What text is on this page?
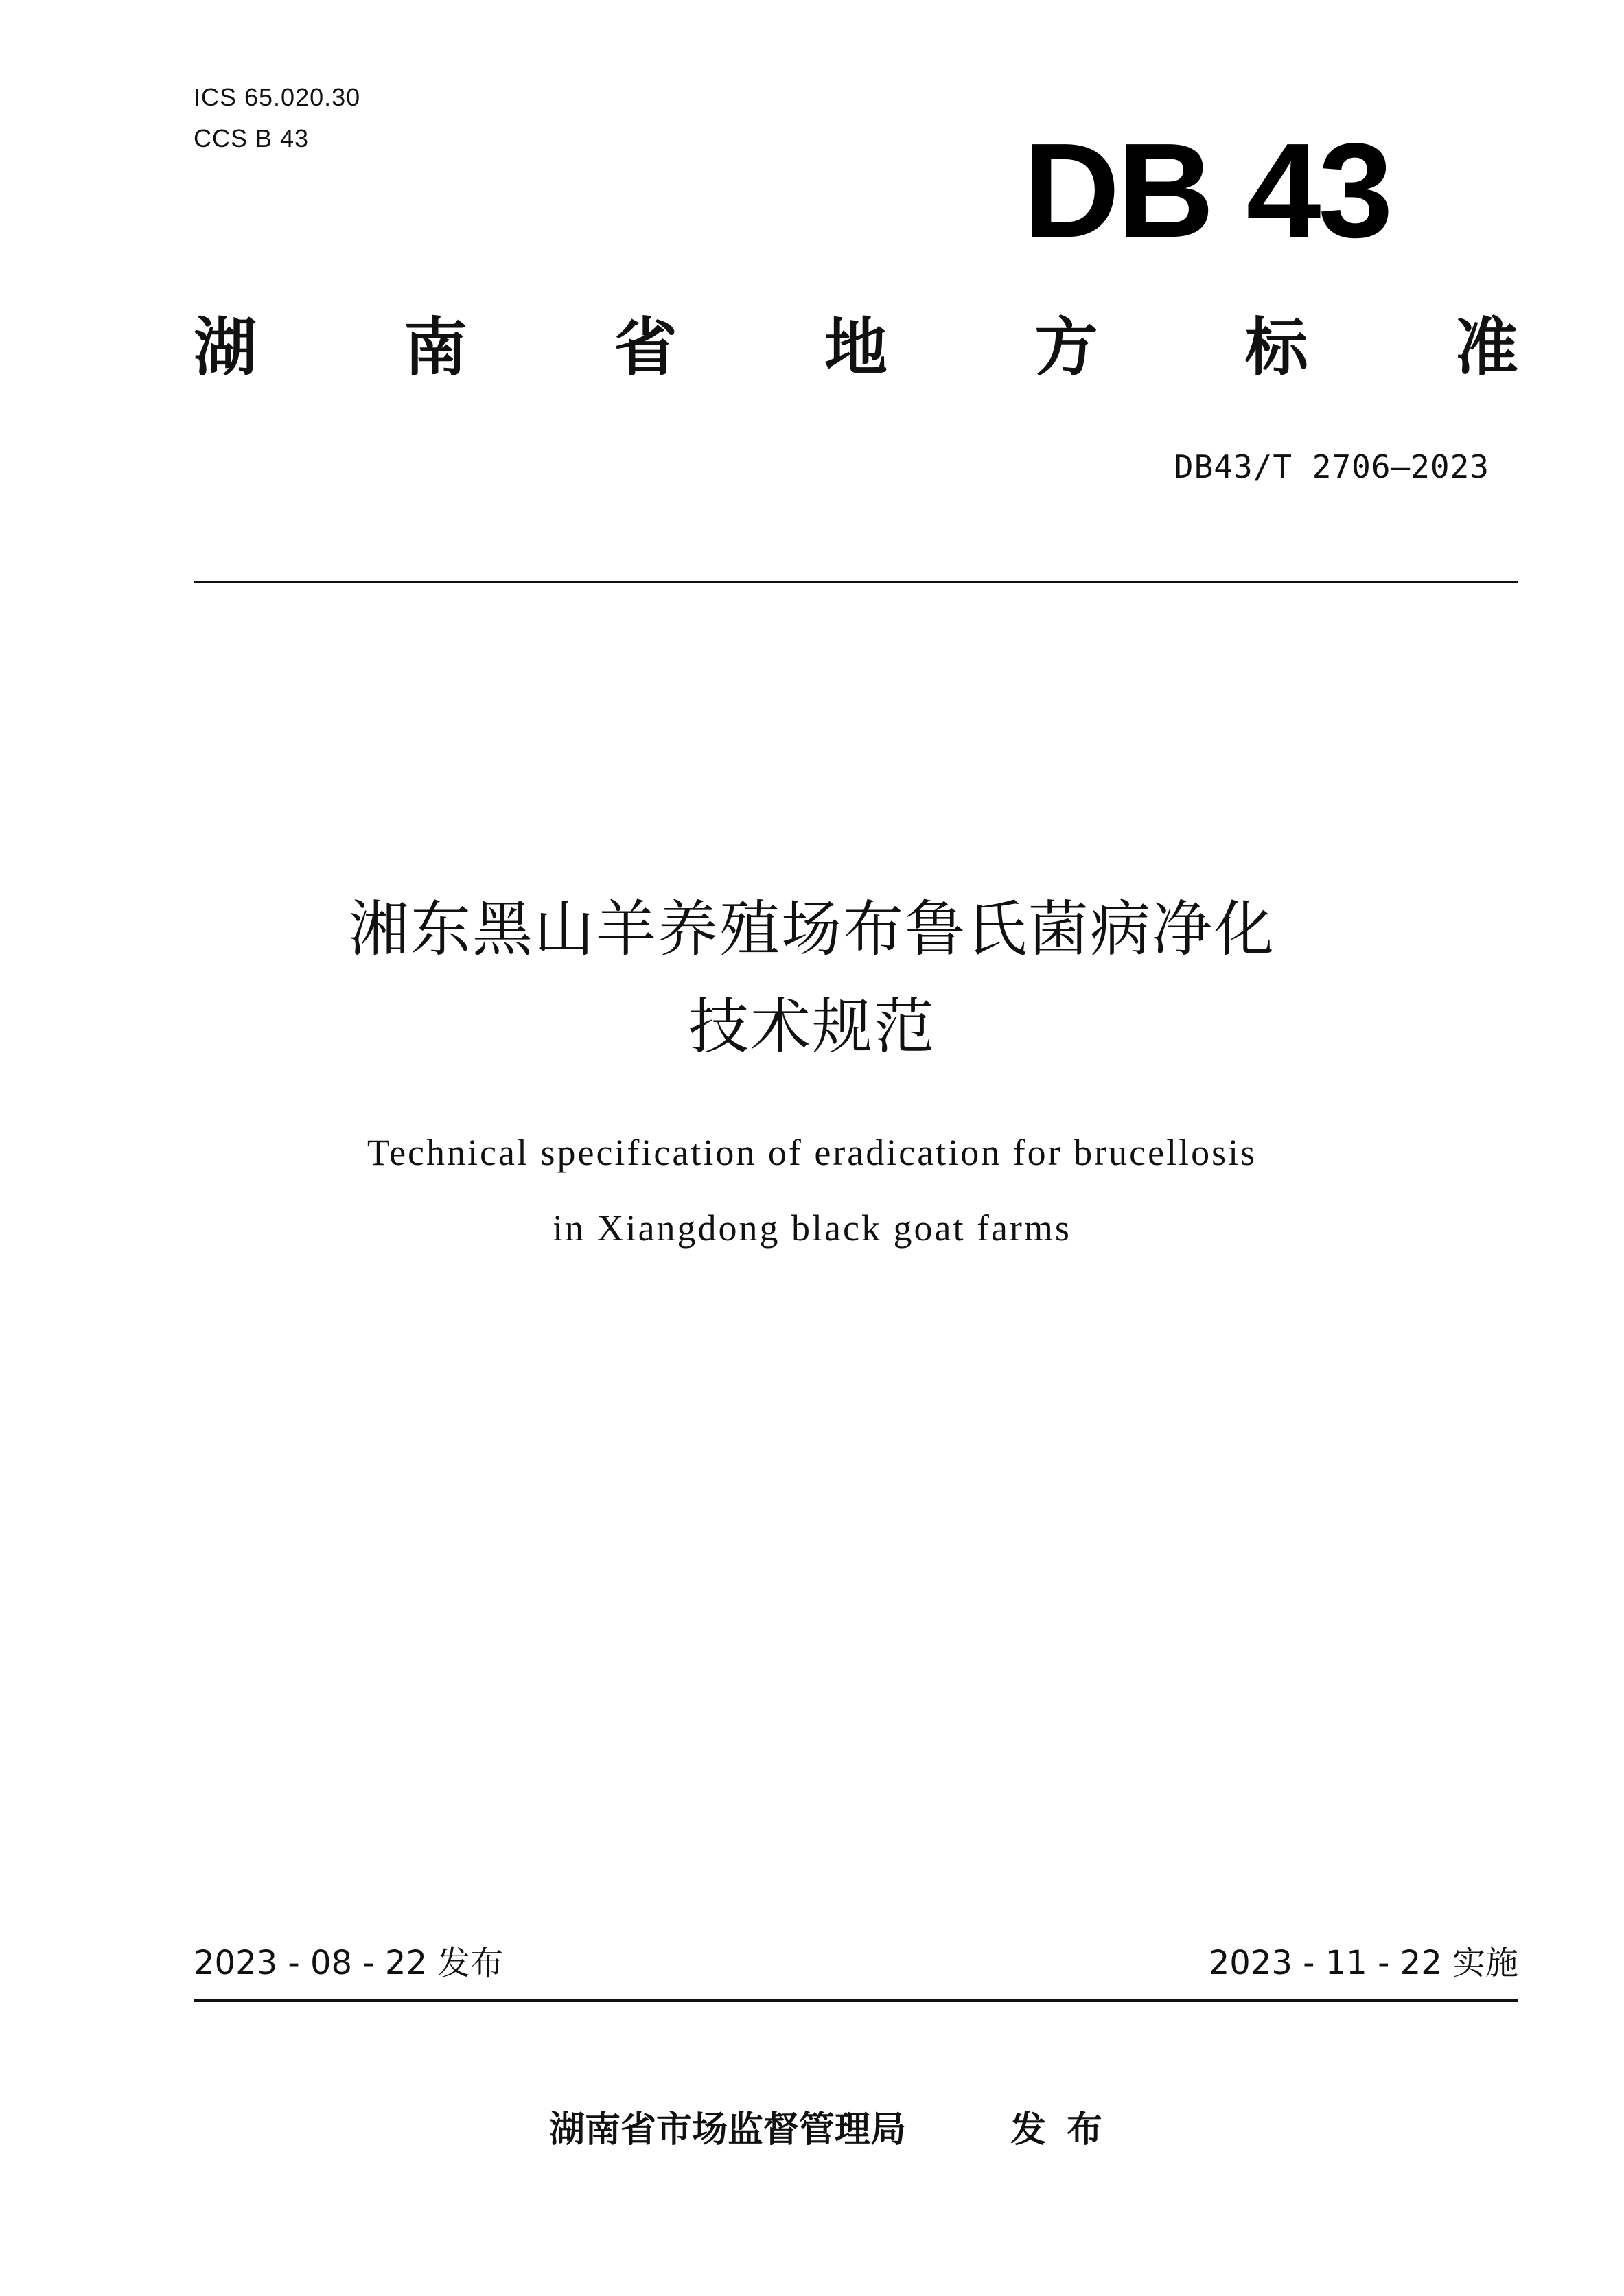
ICS 65.020.30
CCS B 43	DB 43
湖 南 省 地 方 标 准
DB43/T 2706—2023
湘东黑山羊养殖场布鲁氏菌病净化
技术规范
Technical specification of eradication for brucellosis
in Xiangdong black goat farms
2023 - 08 - 22 发布	2023 - 11 - 22 实施
湖南省市场监督管理局	发布
